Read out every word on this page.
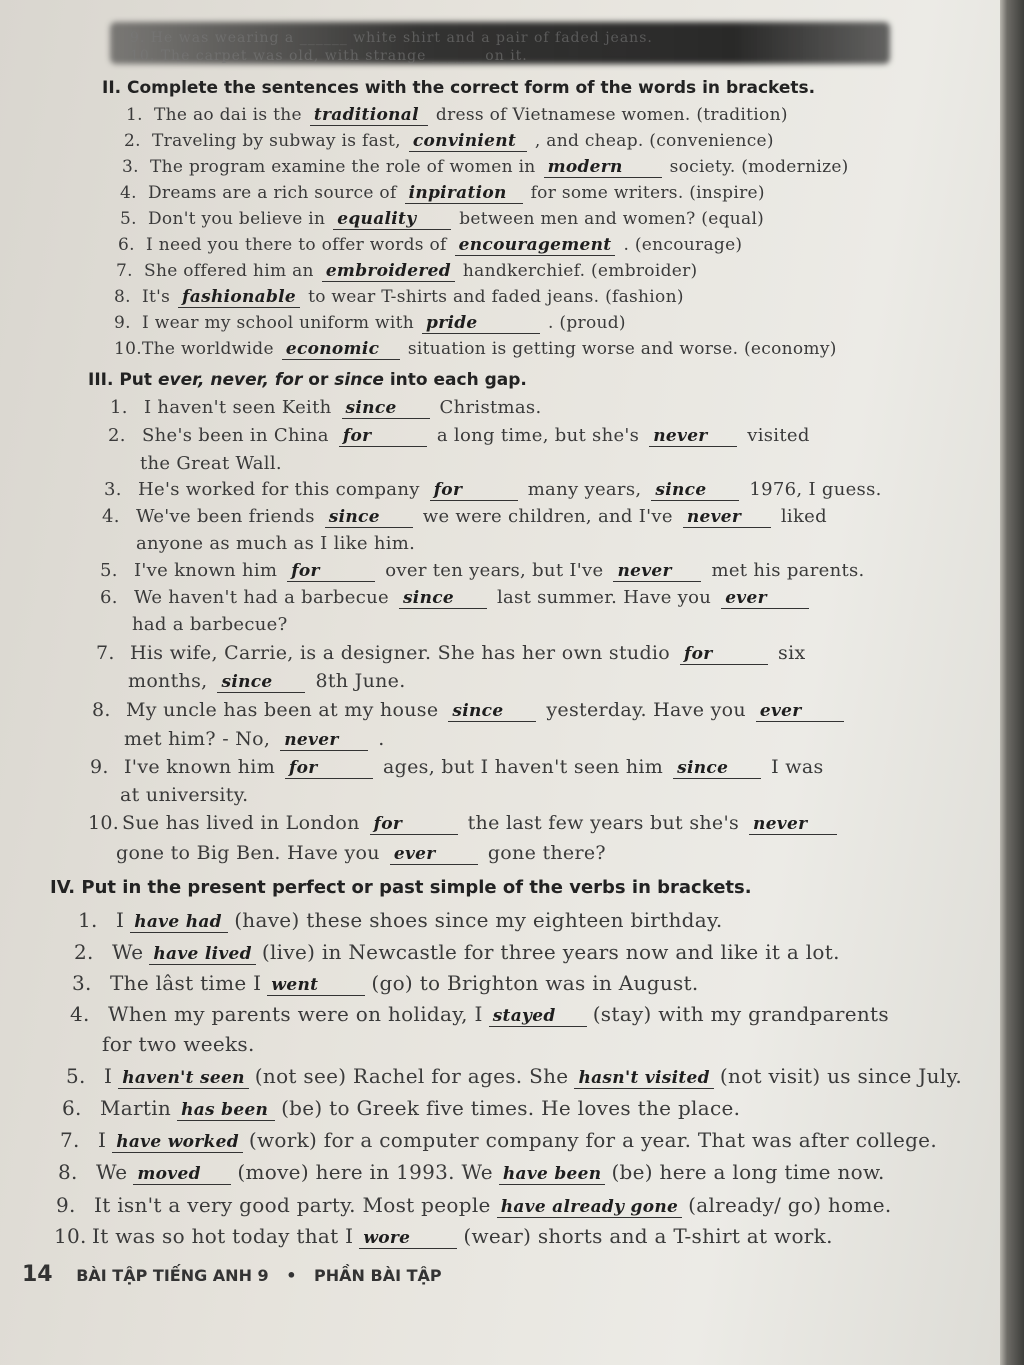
9. He was wearing a ______ white shirt and a pair of faded jeans.
10. The carpet was old, with strange ______ on it.
II. Complete the sentences with the correct form of the words in brackets.
1. The ao dai is the traditional dress of Vietnamese women. (tradition)
2. Traveling by subway is fast, convinient , and cheap. (convenience)
3. The program examine the role of women in modern	society. (modernize)
4. Dreams are a rich source of inpiration for some writers. (inspire)
5. Don't you believe in equality	between men and women? (equal)
6. I need you there to offer words of encouragement . (encourage)
7. She offered him an embroidered handkerchief. (embroider)
8. It's fashionable to wear T-shirts and faded jeans. (fashion)
9. I wear my school uniform with pride	. (proud)
10.The worldwide economic situation is getting worse and worse. (economy)
III. Put ever, never, for or since into each gap.
1. I haven't seen Keith since Christmas.
2. She's been in China for	a long time, but she's never visited
the Great Wall.
3. He's worked for this company for	many years, since 1976, I guess.
4. We've been friends since we were children, and I've never liked
anyone as much as I like him.
5. I've known him for	over ten years, but I've never met his parents.
6. We haven't had a barbecue since last summer. Have you ever
had a barbecue?
7. His wife, Carrie, is a designer. She has her own studio for	six
months, since 8th June.
8. My uncle has been at my house since yesterday. Have you ever
met him? - No, never .
9. I've known him for	ages, but I haven't seen him since I was
at university.
10. Sue has lived in London for	the last few years but she's never
gone to Big Ben. Have you ever	gone there?
IV. Put in the present perfect or past simple of the verbs in brackets.
1. I have had (have) these shoes since my eighteen birthday.
2. We have lived (live) in Newcastle for three years now and like it a lot.
3. The lâst time I went	(go) to Brighton was in August.
4. When my parents were on holiday, I stayed (stay) with my grandparents
for two weeks.
5. I haven't seen (not see) Rachel for ages. She hasn't visited (not visit) us since July.
6. Martin has been (be) to Greek five times. He loves the place.
7. I have worked (work) for a computer company for a year. That was after college.
8. We moved (move) here in 1993. We have been (be) here a long time now.
9. It isn't a very good party. Most people have already gone (already/ go) home.
10. It was so hot today that I wore	(wear) shorts and a T-shirt at work.
14 BÀI TẬP TIẾNG ANH 9 • PHẦN BÀI TẬP
